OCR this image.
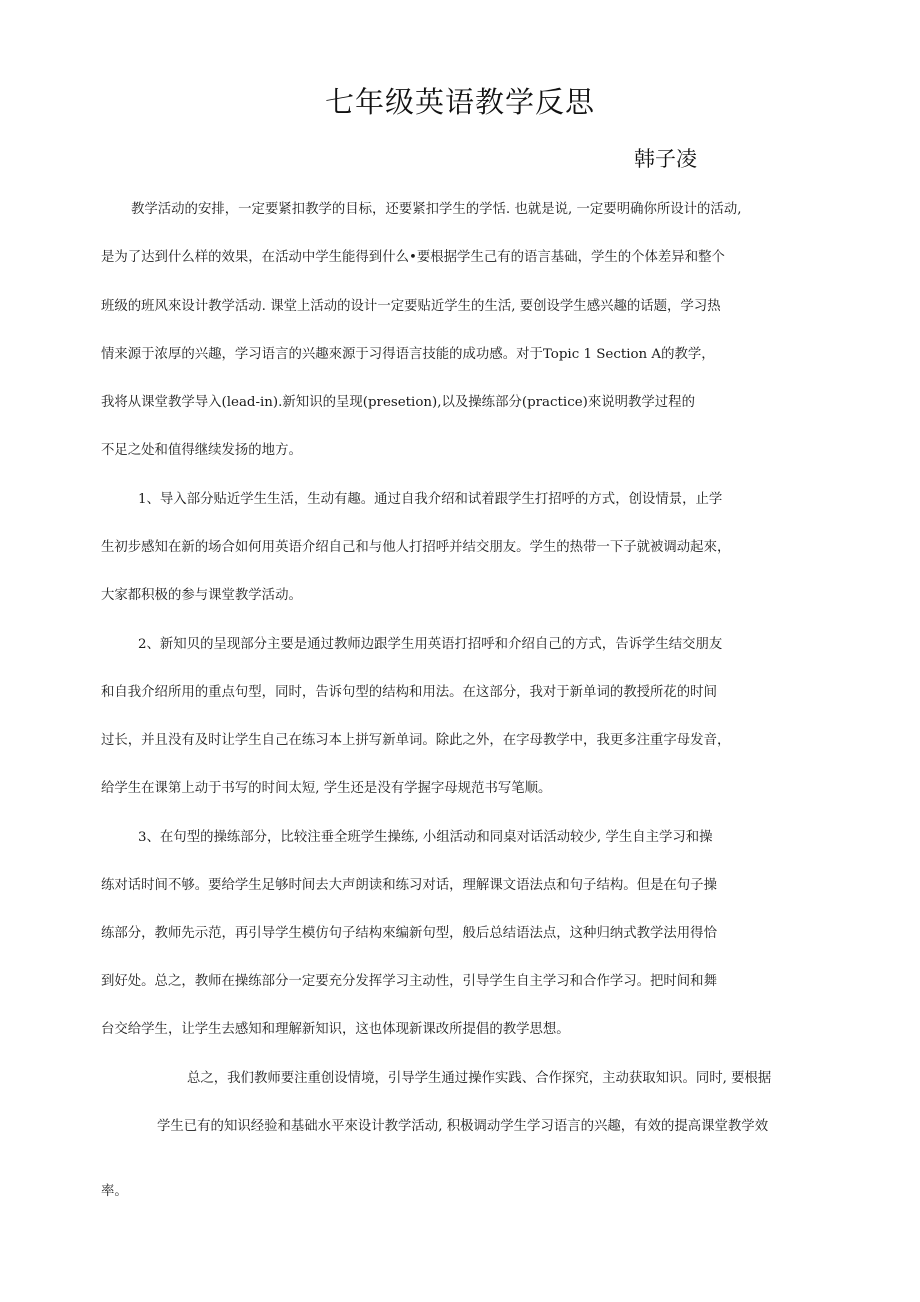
七年级英语教学反思
韩子凌
教学活动的安排，一定要紧扣教学的目标，还要紧扣学生的学恬. 也就是说, 一定要明确你所设计的活动,
是为了达到什么样的效果，在活动中学生能得到什么•要根据学生己有的语言基础，学生的个体差异和整个
班级的班风來设计教学活动. 课堂上活动的设计一定要贴近学生的生活, 要创设学生感兴趣的话题，学习热
情来源于浓厚的兴趣，学习语言的兴趣來源于习得语言技能的成功感。对于Topic 1 Section A的教学，
我将从课堂教学导入(lead-in).新知识的呈现(presetion),以及操练部分(practice)來说明教学过程的
不足之处和值得继续发扬的地方。
1、导入部分贴近学生生活，生动有趣。通过自我介绍和试着跟学生打招呼的方式，创设情景，止学
生初步感知在新的场合如何用英语介绍自己和与他人打招呼并结交朋友。学生的热带一下子就被调动起來，
大家都积极的参与课堂教学活动。
2、新知贝的呈现部分主要是通过教师边跟学生用英语打招呼和介绍自己的方式，告诉学生结交朋友
和自我介绍所用的重点句型，同时，告诉句型的结构和用法。在这部分，我对于新单词的教授所花的时间
过长，并且没有及时让学生自己在练习本上拼写新单词。除此之外，在字母教学中，我更多注重字母发音，
给学生在课第上动于书写的时间太短, 学生还是没有学握字母规范书写笔顺。
3、在句型的操练部分，比较注垂全班学生操练, 小组活动和同桌对话活动较少, 学生自主学习和操
练对话时间不够。要给学生足够时间去大声朗读和练习对话，理解课文语法点和句子结构。但是在句子操
练部分，教师先示范，再引导学生模仿句子结构來编新句型，般后总结语法点，这种归纳式教学法用得恰
到好处。总之，教师在操练部分一定要充分发挥学习主动性，引导学生自主学习和合作学习。把时间和舞
台交给学生，让学生去感知和理解新知识，这也体现新课改所提倡的教学思想。
总之，我们教师要注重创设情境，引导学生通过操作实践、合作探究，主动获取知识。同时, 要根据
学生已有的知识经验和基础水平來设计教学活动, 积极调动学生学习语言的兴趣，有效的提高课堂教学效
率。
